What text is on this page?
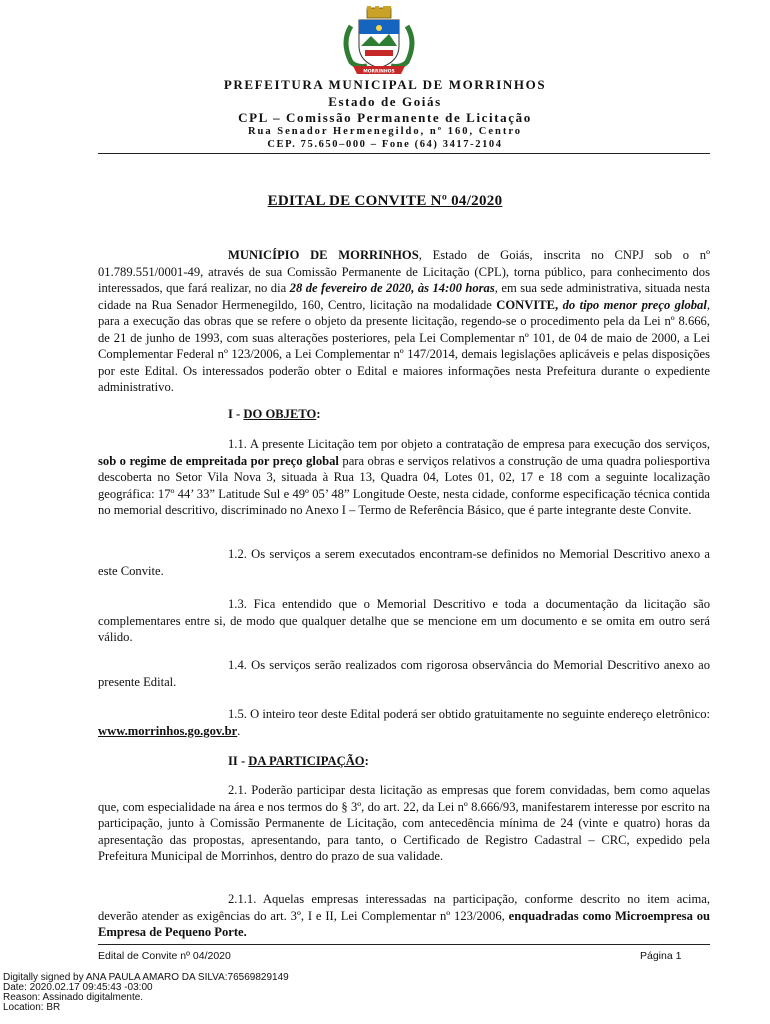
MORRINHOS
PREFEITURA MUNICIPAL DE MORRINHOS
Estado de Goiás
CPL – Comissão Permanente de Licitação
Rua Senador Hermenegildo, nº 160, Centro
CEP. 75.650–000 – Fone (64) 3417-2104
EDITAL DE CONVITE Nº 04/2020
MUNICÍPIO DE MORRINHOS, Estado de Goiás, inscrita no CNPJ sob o nº 01.789.551/0001-49, através de sua Comissão Permanente de Licitação (CPL), torna público, para conhecimento dos interessados, que fará realizar, no dia 28 de fevereiro de 2020, às 14:00 horas, em sua sede administrativa, situada nesta cidade na Rua Senador Hermenegildo, 160, Centro, licitação na modalidade CONVITE, do tipo menor preço global, para a execução das obras que se refere o objeto da presente licitação, regendo-se o procedimento pela da Lei nº 8.666, de 21 de junho de 1993, com suas alterações posteriores, pela Lei Complementar nº 101, de 04 de maio de 2000, a Lei Complementar Federal nº 123/2006, a Lei Complementar nº 147/2014, demais legislações aplicáveis e pelas disposições por este Edital. Os interessados poderão obter o Edital e maiores informações nesta Prefeitura durante o expediente administrativo.
I - DO OBJETO:
1.1. A presente Licitação tem por objeto a contratação de empresa para execução dos serviços, sob o regime de empreitada por preço global para obras e serviços relativos a construção de uma quadra poliesportiva descoberta no Setor Vila Nova 3, situada à Rua 13, Quadra 04, Lotes 01, 02, 17 e 18 com a seguinte localização geográfica: 17º 44’ 33” Latitude Sul e 49º 05’ 48” Longitude Oeste, nesta cidade, conforme especificação técnica contida no memorial descritivo, discriminado no Anexo I – Termo de Referência Básico, que é parte integrante deste Convite.
1.2. Os serviços a serem executados encontram-se definidos no Memorial Descritivo anexo a este Convite.
1.3. Fica entendido que o Memorial Descritivo e toda a documentação da licitação são complementares entre si, de modo que qualquer detalhe que se mencione em um documento e se omita em outro será válido.
1.4. Os serviços serão realizados com rigorosa observância do Memorial Descritivo anexo ao presente Edital.
1.5. O inteiro teor deste Edital poderá ser obtido gratuitamente no seguinte endereço eletrônico: www.morrinhos.go.gov.br.
II - DA PARTICIPAÇÃO:
2.1. Poderão participar desta licitação as empresas que forem convidadas, bem como aquelas que, com especialidade na área e nos termos do § 3º, do art. 22, da Lei nº 8.666/93, manifestarem interesse por escrito na participação, junto à Comissão Permanente de Licitação, com antecedência mínima de 24 (vinte e quatro) horas da apresentação das propostas, apresentando, para tanto, o Certificado de Registro Cadastral – CRC, expedido pela Prefeitura Municipal de Morrinhos, dentro do prazo de sua validade.
2.1.1. Aquelas empresas interessadas na participação, conforme descrito no item acima, deverão atender as exigências do art. 3º, I e II, Lei Complementar nº 123/2006, enquadradas como Microempresa ou Empresa de Pequeno Porte.
Edital de Convite nº 04/2020	Página 1
Digitally signed by ANA PAULA AMARO DA SILVA:76569829149
Date: 2020.02.17 09:45:43 -03:00
Reason: Assinado digitalmente.
Location: BR
